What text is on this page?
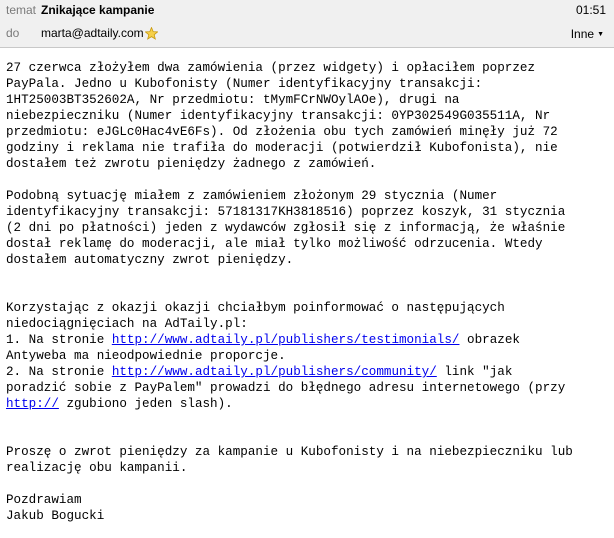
temat Znikające kampanie	01:51
do marta@adtaily.com	Inne ▼

27 czerwca złożyłem dwa zamówienia (przez widgety) i opłaciłem poprzez

PayPala. Jedno u Kubofonisty (Numer identyfikacyjny transakcji:

1HT25003BT352602A, Nr przedmiotu: tMymFCrNWOylAOe), drugi na

niebezpieczniku (Numer identyfikacyjny transakcji: 0YP302549G035511A, Nr

przedmiotu: eJGLc0Hac4vE6Fs). Od złożenia obu tych zamówień minęły już 72

godziny i reklama nie trafiła do moderacji (potwierdził Kubofonista), nie

dostałem też zwrotu pieniędzy żadnego z zamówień.

Podobną sytuację miałem z zamówieniem złożonym 29 stycznia (Numer

identyfikacyjny transakcji: 57181317KH3818516) poprzez koszyk, 31 stycznia

(2 dni po płatności) jeden z wydawców zgłosił się z informacją, że właśnie

dostał reklamę do moderacji, ale miał tylko możliwość odrzucenia. Wtedy

dostałem automatyczny zwrot pieniędzy.

Korzystając z okazji okazji chciałbym poinformować o następujących

niedociągnięciach na AdTaily.pl:

1. Na stronie http://www.adtaily.pl/publishers/testimonials/ obrazek

Antyweba ma nieodpowiednie proporcje.

2. Na stronie http://www.adtaily.pl/publishers/community/ link "jak

poradzić sobie z PayPalem" prowadzi do błędnego adresu internetowego (przy

http:// zgubiono jeden slash).

Proszę o zwrot pieniędzy za kampanie u Kubofonisty i na niebezpieczniku lub

realizację obu kampanii.

Pozdrawiam

Jakub Bogucki
